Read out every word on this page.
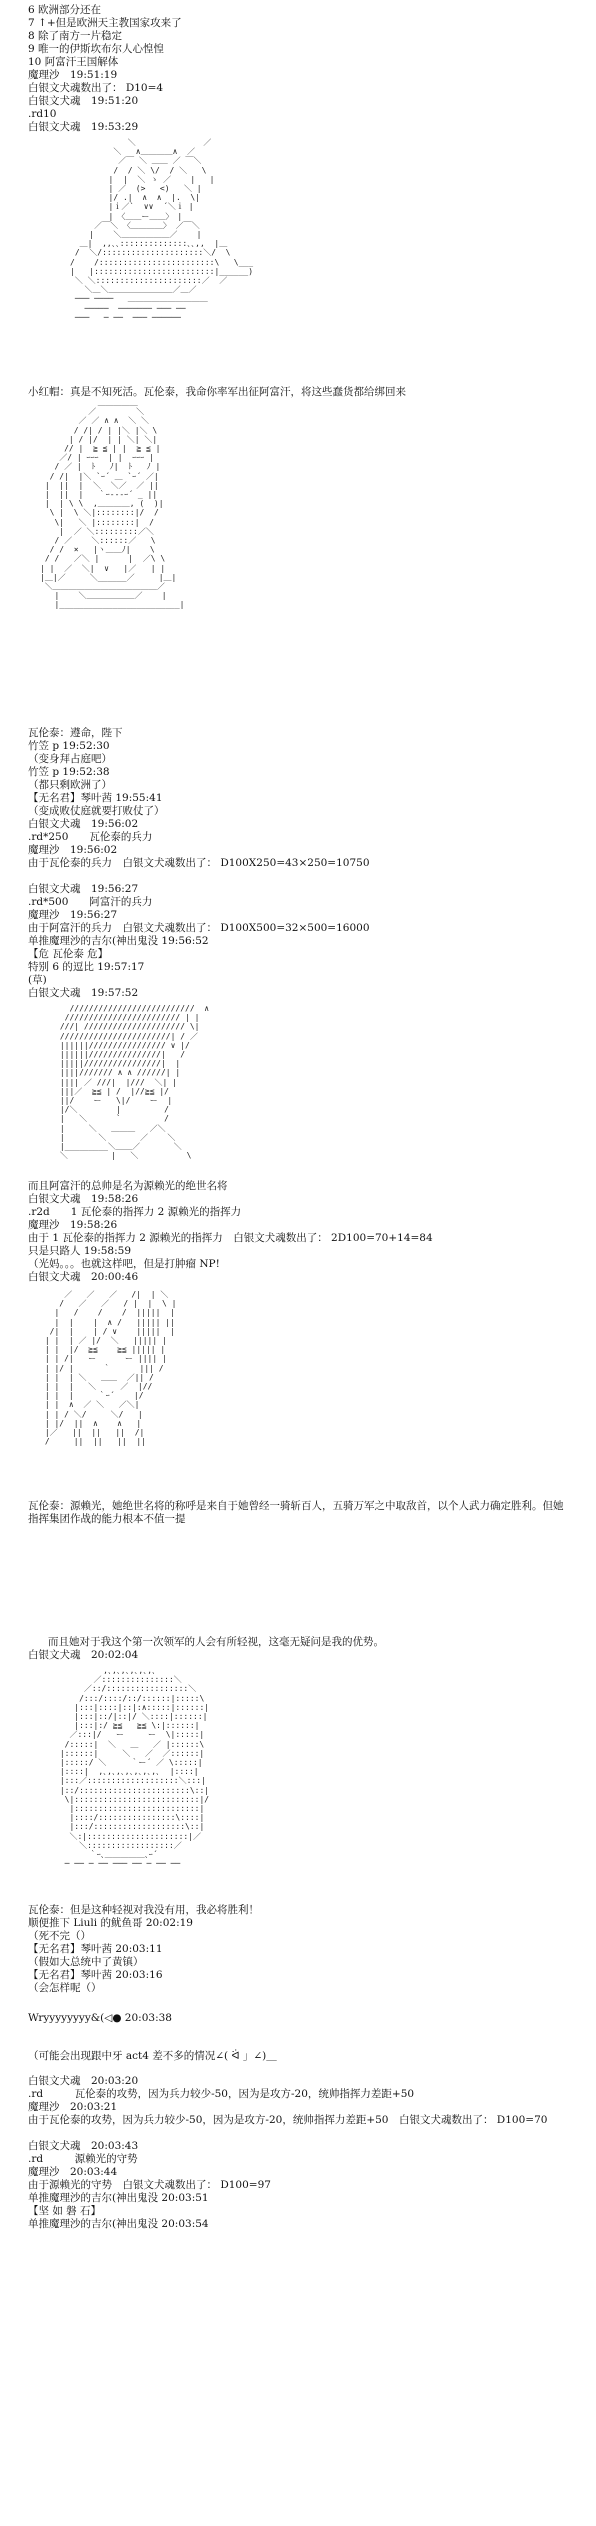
6 欧洲部分还在
7 ↑+但是欧洲天主教国家攻来了
8 除了南方一片稳定
9 唯一的伊斯坎布尔人心惶惶
10 阿富汗王国解体
魔理沙　19:51:19
白银文犬魂数出了： D10=4
白银文犬魂　19:51:20
.rd10
白银文犬魂　19:53:29
＼              ／
＼   ∧＿＿＿＿∧  ／
／￣ ＼ ＿＿ ／ ￣＼
/  / ＼ \/  / ＼   \
|  |  ＼ ゝ ／    |   |
| ／  (>   <)   ＼ |
|/ .|  ∧  ∧  |.  \|
|ｉ／`  ∨∨  ´＼ｉ |
|　〈＿＿ー＿＿〉　|
／￣＼ 〈＿＿＿＿〉 ／￣＼
|    ＼＿＿＿＿＿＿／    |
＿|  ,,､､::::::::::::::､､,,  |＿
/  ＼/:::::::::::::::::::::＼/  \
/    /::::::::::::::::::::::::\   \___
|   |:::::::::::::::::::::::::|______)
＼ ＼::::::::::::::::::::::／  ／
＼＿＼＿＿＿＿＿＿＿＿／＿／
─── ────   ＿＿＿＿＿＿＿＿＿＿
─────  ─────── ─── ──
───   ─ ──  ─── ──────
小红帽：真是不知死活。瓦伦泰，我命你率军出征阿富汗，将这些蠢货都给绑回来
＿＿＿＿＿
／　　　　　＼
／ ／ ∧ ∧  ＼ ＼
/ /| / | |＼ |＼ \
| / |/  | | ＼| ＼|
// |  ≧ ≦ | |  ≧ ≦ |
／/ | ｰｰｰ  | |  ｰｰｰ |
/ ／ |  ﾄ   ﾉ|  ﾄ   ﾉ |
/ /|  |＼ `ｰ´ ＿ `ｰ´ ／|
|  ||  |  ＼  ＼／  ／ ||
|  ||  |   ｀ｰ‐‐‐ｰ´ _ ||
|  | \ \  ,＿＿＿＿, (  )|
\ |  \ ＼|::::::::|/  /
\|   ＼ |::::::::|  /
|  ／ ＼:::::::::／＼
/ ／    ＼::::::／   \
/ /  ×   |ヽ＿＿ﾉ|    \
/ /   ／＼ |      |  ／\ \
| |  ／  ＼|  ∨   |／   | |
|＿|／     ＼______／     |＿|
＼＿＿＿＿＿＿＿＿＿＿＿＿＿／
|    ＼＿＿＿＿＿＿／    |
|_________________________|
瓦伦泰：遵命，陛下
竹笠 p 19:52:30
（变身拜占庭吧）
竹笠 p 19:52:38
（都只剩欧洲了）
【无名君】琴叶茜 19:55:41
（变成败仗庭就要打败仗了）
白银文犬魂　19:56:02
.rd*250　　瓦伦泰的兵力
魔理沙　19:56:02
由于瓦伦泰的兵力　白银文犬魂数出了： D100X250=43×250=10750
白银文犬魂　19:56:27
.rd*500　　阿富汗的兵力
魔理沙　19:56:27
由于阿富汗的兵力　白银文犬魂数出了： D100X500=32×500=16000
单推魔理沙的吉尔(神出鬼没 19:56:52
【危 瓦伦泰 危】
特别 6 的逗比 19:57:17
(草)
白银文犬魂　19:57:52
//////////////////////////  ∧
//////////////////////// | |
///| ///////////////////// \|
///////////////////////| / ／
||||||//////////////// ∨ |/
||||||///////////////|   /
|||||////////////////|  |
||||/////// ∧ ∧ //////| |
|||| ／ ///|  |///  ＼| |
|||／  ≧≦ | /  |//≧≦ |/
||/    ー   \|/    ー  |
|/＼        |         /
|   ＼      `         /
|     ＼   ＿＿＿   ／＼
|       ＼       ／    ＼
|_________＼＿＿／       ＼
＼         |   ＼          \
而且阿富汗的总帅是名为源赖光的绝世名将
白银文犬魂　19:58:26
.r2d　　1 瓦伦泰的指挥力 2 源赖光的指挥力
魔理沙　19:58:26
由于 1 瓦伦泰的指挥力 2 源赖光的指挥力　白银文犬魂数出了： 2D100=70+14=84
只是只路人 19:58:59
（光妈。。。也就这样吧，但是打肿瘤 NP!
白银文犬魂　20:00:46
／   ／   ／   /|  | ＼
/   ／   ／   / |  |  \ |
|   /    /    /  |||||  |
|  |    |  ∧ /   ||||| ||
/|  |    | / ∨    |||||  |
| |  | ／ |/  ＼   ||||| |
| |  |/  ≧≦    ≧≦ ||||| |
| | /|   ー      ー |||| |
| |/ |      ｀      ||| /
| |  | ＼   ＿＿  ／|| /
| |  |   ＼     ／  |//
| |  |     ｀ｰ´    |/
| |  ∧  ／ ＼   ／＼|
| | / ＼/     ＼/   |
| |/  ||  ∧    ∧   |
|／   ||  ||   ||  /|
/     ||  ||   ||  ||
瓦伦泰：源赖光，她绝世名将的称呼是来自于她曾经一骑斩百人，五骑万军之中取敌首，以个人武力确定胜利。但她指挥集团作战的能力根本不值一提
而且她对于我这个第一次领军的人会有所轻视，这毫无疑问是我的优势。
白银文犬魂　20:02:04
,､,､,､,､,､,､
／:::::::::::::::＼
／::/:::::::::::::::::＼
/:::/::::/::/::::::|:::::\
|:::|::::|::|:∧:::::|::::::|
|:::|::/|::|/ ＼::::|::::::|
|:::|:/ ≧≦   ≧≦ \:|::::::|
／:::|/   ー     ー  \|:::::|
/:::::|  ＼   ＿   ／ |::::::\
|::::::|     ＼   ／  ／::::::|
|:::::/ ＼     ｀ー´ ／ \:::::|
|::::|  ,､,､,､,､,､,､,､  |::::|
|:::／:::::::::::::::::::＼:::|
|::/:::::::::::::::::::::::\::|
\|::::::::::::::::::::::::::|/
|::::::::::::::::::::::::::|
|::::/::::::::::::::::\::::|
|:::/:::::::::::::::::::\::|
＼:|:::::::::::::::::::::|／
＼::::::::::::::::::／
｀ｰ､＿＿＿＿＿､ｰ´
─ ── ─ ── ─── ── ─ ── ──
瓦伦泰：但是这种轻视对我没有用，我必将胜利！
顺便推下 Liuli 的鱿鱼哥 20:02:19
（死不完（）
【无名君】琴叶茜 20:03:11
（假如大总统中了黄镇）
【无名君】琴叶茜 20:03:16
（会怎样呢（）
Wryyyyyyyy&(◁● 20:03:38
（可能会出现跟中牙 act4 差不多的情况∠( ᐛ 」∠)＿
白银文犬魂　20:03:20
.rd　　　瓦伦泰的攻势，因为兵力较少-50，因为是攻方-20，统帅指挥力差距+50
魔理沙　20:03:21
由于瓦伦泰的攻势，因为兵力较少-50，因为是攻方-20，统帅指挥力差距+50　白银文犬魂数出了： D100=70
白银文犬魂　20:03:43
.rd　　　源赖光的守势
魔理沙　20:03:44
由于源赖光的守势　白银文犬魂数出了： D100=97
单推魔理沙的吉尔(神出鬼没 20:03:51
【坚 如 磐 石】
单推魔理沙的吉尔(神出鬼没 20:03:54
